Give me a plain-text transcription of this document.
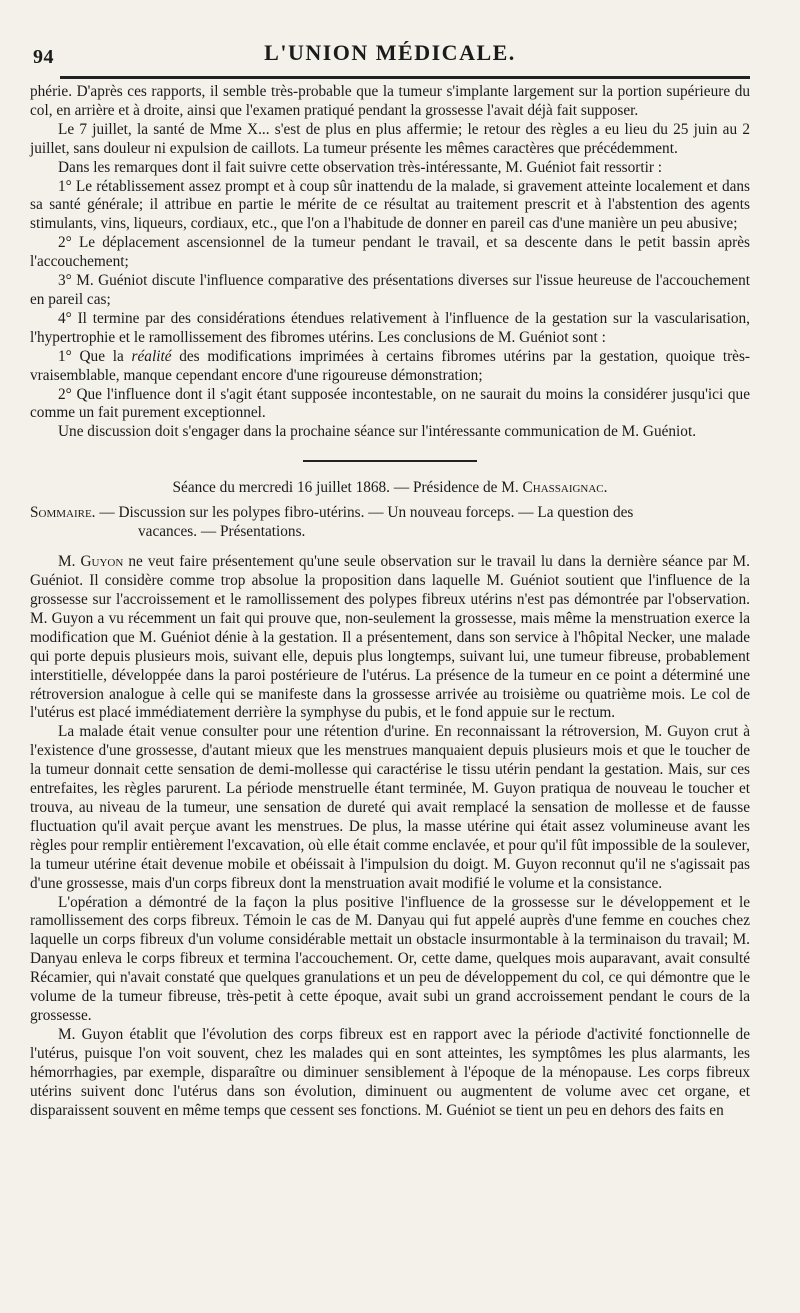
94	L'UNION MÉDICALE.

phérie. D'après ces rapports, il semble très-probable que la tumeur s'implante largement sur la portion supérieure du col, en arrière et à droite, ainsi que l'examen pratiqué pendant la grossesse l'avait déjà fait supposer.

Le 7 juillet, la santé de Mme X... s'est de plus en plus affermie; le retour des règles a eu lieu du 25 juin au 2 juillet, sans douleur ni expulsion de caillots. La tumeur présente les mêmes caractères que précédemment.

Dans les remarques dont il fait suivre cette observation très-intéressante, M. Guéniot fait ressortir :

1° Le rétablissement assez prompt et à coup sûr inattendu de la malade, si gravement atteinte localement et dans sa santé générale; il attribue en partie le mérite de ce résultat au traitement prescrit et à l'abstention des agents stimulants, vins, liqueurs, cordiaux, etc., que l'on a l'habitude de donner en pareil cas d'une manière un peu abusive;

2° Le déplacement ascensionnel de la tumeur pendant le travail, et sa descente dans le petit bassin après l'accouchement;

3° M. Guéniot discute l'influence comparative des présentations diverses sur l'issue heureuse de l'accouchement en pareil cas;

4° Il termine par des considérations étendues relativement à l'influence de la gestation sur la vascularisation, l'hypertrophie et le ramollissement des fibromes utérins. Les conclusions de M. Guéniot sont :

1° Que la réalité des modifications imprimées à certains fibromes utérins par la gestation, quoique très-vraisemblable, manque cependant encore d'une rigoureuse démonstration;

2° Que l'influence dont il s'agit étant supposée incontestable, on ne saurait du moins la considérer jusqu'ici que comme un fait purement exceptionnel.

Une discussion doit s'engager dans la prochaine séance sur l'intéressante communication de M. Guéniot.

Séance du mercredi 16 juillet 1868. — Présidence de M. Chassaignac.
Sommaire. — Discussion sur les polypes fibro-utérins. — Un nouveau forceps. — La question des
vacances. — Présentations.

M. Guyon ne veut faire présentement qu'une seule observation sur le travail lu dans la dernière séance par M. Guéniot. Il considère comme trop absolue la proposition dans laquelle M. Guéniot soutient que l'influence de la grossesse sur l'accroissement et le ramollissement des polypes fibreux utérins n'est pas démontrée par l'observation. M. Guyon a vu récemment un fait qui prouve que, non-seulement la grossesse, mais même la menstruation exerce la modification que M. Guéniot dénie à la gestation. Il a présentement, dans son service à l'hôpital Necker, une malade qui porte depuis plusieurs mois, suivant elle, depuis plus longtemps, suivant lui, une tumeur fibreuse, probablement interstitielle, développée dans la paroi postérieure de l'utérus. La présence de la tumeur en ce point a déterminé une rétroversion analogue à celle qui se manifeste dans la grossesse arrivée au troisième ou quatrième mois. Le col de l'utérus est placé immédiatement derrière la symphyse du pubis, et le fond appuie sur le rectum.

La malade était venue consulter pour une rétention d'urine. En reconnaissant la rétroversion, M. Guyon crut à l'existence d'une grossesse, d'autant mieux que les menstrues manquaient depuis plusieurs mois et que le toucher de la tumeur donnait cette sensation de demi-mollesse qui caractérise le tissu utérin pendant la gestation. Mais, sur ces entrefaites, les règles parurent. La période menstruelle étant terminée, M. Guyon pratiqua de nouveau le toucher et trouva, au niveau de la tumeur, une sensation de dureté qui avait remplacé la sensation de mollesse et de fausse fluctuation qu'il avait perçue avant les menstrues. De plus, la masse utérine qui était assez volumineuse avant les règles pour remplir entièrement l'excavation, où elle était comme enclavée, et pour qu'il fût impossible de la soulever, la tumeur utérine était devenue mobile et obéissait à l'impulsion du doigt. M. Guyon reconnut qu'il ne s'agissait pas d'une grossesse, mais d'un corps fibreux dont la menstruation avait modifié le volume et la consistance.

L'opération a démontré de la façon la plus positive l'influence de la grossesse sur le développement et le ramollissement des corps fibreux. Témoin le cas de M. Danyau qui fut appelé auprès d'une femme en couches chez laquelle un corps fibreux d'un volume considérable mettait un obstacle insurmontable à la terminaison du travail; M. Danyau enleva le corps fibreux et termina l'accouchement. Or, cette dame, quelques mois auparavant, avait consulté Récamier, qui n'avait constaté que quelques granulations et un peu de développement du col, ce qui démontre que le volume de la tumeur fibreuse, très-petit à cette époque, avait subi un grand accroissement pendant le cours de la grossesse.

M. Guyon établit que l'évolution des corps fibreux est en rapport avec la période d'activité fonctionnelle de l'utérus, puisque l'on voit souvent, chez les malades qui en sont atteintes, les symptômes les plus alarmants, les hémorrhagies, par exemple, disparaître ou diminuer sensiblement à l'époque de la ménopause. Les corps fibreux utérins suivent donc l'utérus dans son évolution, diminuent ou augmentent de volume avec cet organe, et disparaissent souvent en même temps que cessent ses fonctions. M. Guéniot se tient un peu en dehors des faits en
